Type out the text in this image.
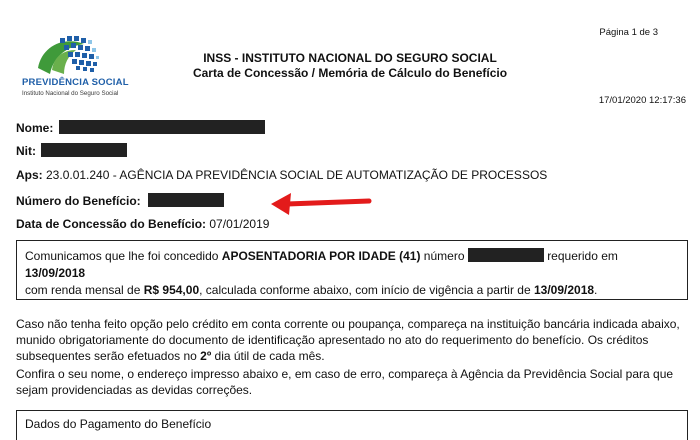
PREVIDÊNCIA SOCIAL
Instituto Nacional do Seguro Social
Página 1 de 3
INSS - INSTITUTO NACIONAL DO SEGURO SOCIAL
Carta de Concessão / Memória de Cálculo do Benefício
17/01/2020 12:17:36
Nome:
Nit:
Aps: 23.0.01.240 - AGÊNCIA DA PREVIDÊNCIA SOCIAL DE AUTOMATIZAÇÃO DE PROCESSOS
Número do Benefício:
Data de Concessão do Benefício: 07/01/2019
Comunicamos que lhe foi concedido APOSENTADORIA POR IDADE (41) número	requerido em 13/09/2018
com renda mensal de R$ 954,00, calculada conforme abaixo, com início de vigência a partir de 13/09/2018.
Caso não tenha feito opção pelo crédito em conta corrente ou poupança, compareça na instituição bancária indicada abaixo, munido obrigatoriamente do documento de identificação apresentado no ato do requerimento do benefício. Os créditos subsequentes serão efetuados no 2º dia útil de cada mês.
Confira o seu nome, o endereço impresso abaixo e, em caso de erro, compareça à Agência da Previdência Social para que sejam providenciadas as devidas correções.
Dados do Pagamento do Benefício
